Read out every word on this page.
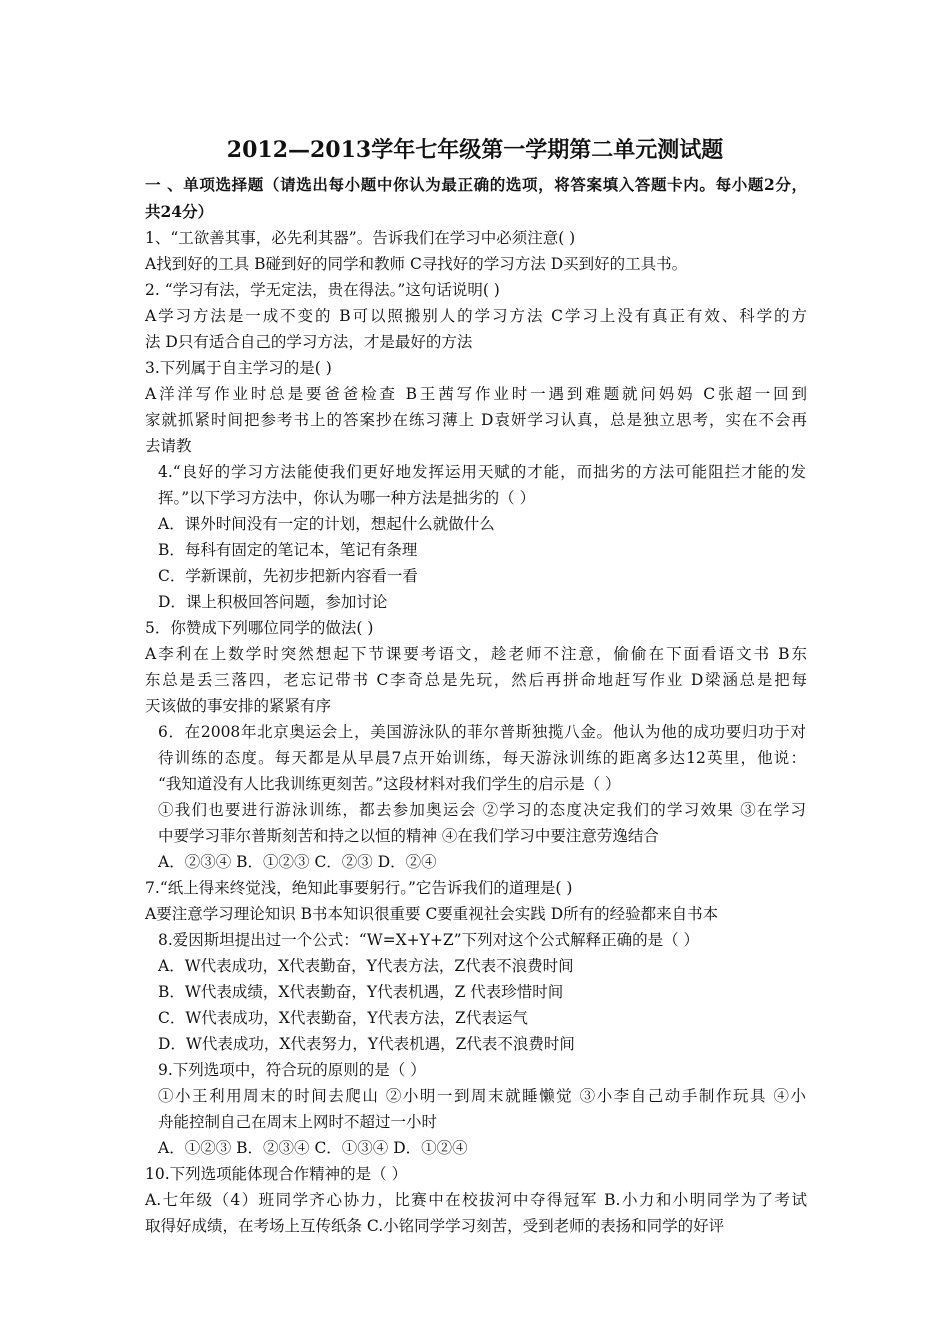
2012—2013学年七年级第一学期第二单元测试题
一 、单项选择题（请选出每小题中你认为最正确的选项，将答案填入答题卡内。每小题2分，
共24分）
1、“工欲善其事，必先利其器”。告诉我们在学习中必须注意( )
A找到好的工具 B碰到好的同学和教师 C寻找好的学习方法 D买到好的工具书。
2. “学习有法，学无定法，贵在得法。”这句话说明( )
A学习方法是一成不变的 B可以照搬别人的学习方法 C学习上没有真正有效、科学的方
法 D只有适合自己的学习方法，才是最好的方法
3.下列属于自主学习的是( )
A洋洋写作业时总是要爸爸检查 B王茜写作业时一遇到难题就问妈妈 C张超一回到
家就抓紧时间把参考书上的答案抄在练习薄上 D袁妍学习认真，总是独立思考，实在不会再
去请教
4.“良好的学习方法能使我们更好地发挥运用天赋的才能，而拙劣的方法可能阻拦才能的发
挥。”以下学习方法中，你认为哪一种方法是拙劣的（ ）
A．课外时间没有一定的计划，想起什么就做什么
B．每科有固定的笔记本，笔记有条理
C．学新课前，先初步把新内容看一看
D．课上积极回答问题，参加讨论
5．你赞成下列哪位同学的做法( )
A李利在上数学时突然想起下节课要考语文，趁老师不注意，偷偷在下面看语文书 B东
东总是丢三落四，老忘记带书 C李奇总是先玩，然后再拼命地赶写作业 D梁涵总是把每
天该做的事安排的紧紧有序
6．在2008年北京奥运会上，美国游泳队的菲尔普斯独揽八金。他认为他的成功要归功于对
待训练的态度。每天都是从早晨7点开始训练，每天游泳训练的距离多达12英里，他说：
“我知道没有人比我训练更刻苦。”这段材料对我们学生的启示是（ ）
①我们也要进行游泳训练，都去参加奥运会 ②学习的态度决定我们的学习效果 ③在学习
中要学习菲尔普斯刻苦和持之以恒的精神 ④在我们学习中要注意劳逸结合
A．②③④ B．①②③ C．②③ D．②④
7.“纸上得来终觉浅，绝知此事要躬行。”它告诉我们的道理是( )
A要注意学习理论知识 B书本知识很重要 C要重视社会实践 D所有的经验都来自书本
8.爱因斯坦提出过一个公式：“W=X+Y+Z”下列对这个公式解释正确的是（ ）
A．W代表成功，X代表勤奋，Y代表方法，Z代表不浪费时间
B．W代表成绩，X代表勤奋，Y代表机遇，Z 代表珍惜时间
C．W代表成功，X代表勤奋，Y代表方法，Z代表运气
D．W代表成功，X代表努力，Y代表机遇，Z代表不浪费时间
9.下列选项中，符合玩的原则的是（ ）
①小王利用周末的时间去爬山 ②小明一到周末就睡懒觉 ③小李自己动手制作玩具 ④小
舟能控制自己在周末上网时不超过一小时
A．①②③ B．②③④ C．①③④ D．①②④
10.下列选项能体现合作精神的是（ ）
A.七年级（4）班同学齐心协力，比赛中在校拔河中夺得冠军 B.小力和小明同学为了考试
取得好成绩，在考场上互传纸条 C.小铭同学学习刻苦，受到老师的表扬和同学的好评
